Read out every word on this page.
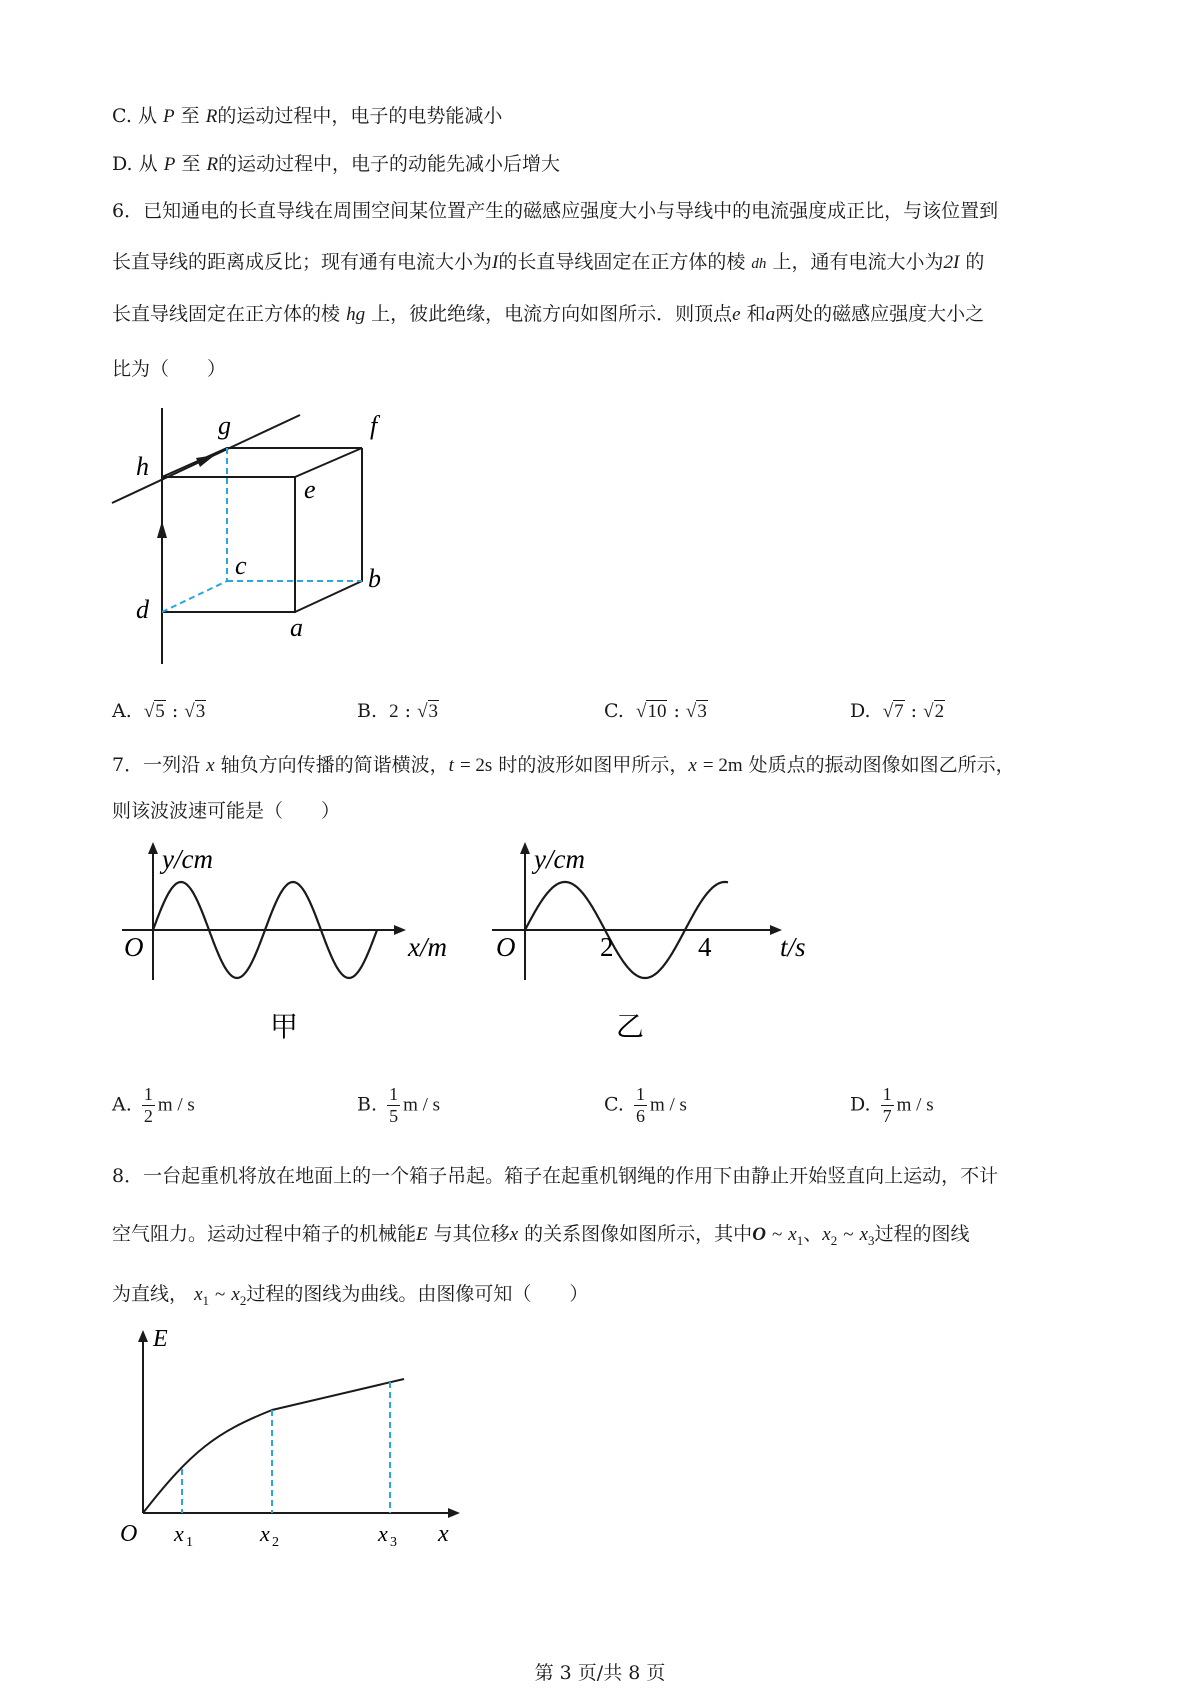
C. 从 P 至 R的运动过程中，电子的电势能减小
D. 从 P 至 R的运动过程中，电子的动能先减小后增大
6．已知通电的长直导线在周围空间某位置产生的磁感应强度大小与导线中的电流强度成正比，与该位置到
长直导线的距离成反比；现有通有电流大小为I的长直导线固定在正方体的棱 dh 上，通有电流大小为2I 的
长直导线固定在正方体的棱 hg 上，彼此绝缘，电流方向如图所示．则顶点e 和a两处的磁感应强度大小之
比为（　　）
g	f
h
e
c	b
d
a
A. √5 : √3	B. 2 : √3	C. √10 : √3	D. √7 : √2
7．一列沿 x 轴负方向传播的简谐横波，t = 2s 时的波形如图甲所示，x = 2m 处质点的振动图像如图乙所示，
则该波波速可能是（　　）
y/cm
x/m
O
甲
y/cm
t/s
O	2	4
乙
A. $\frac{1}{2}$ m / s	B. $\frac{1}{5}$ m / s	C. $\frac{1}{6}$ m / s	D. $\frac{1}{7}$ m / s
8．一台起重机将放在地面上的一个箱子吊起。箱子在起重机钢绳的作用下由静止开始竖直向上运动，不计
空气阻力。运动过程中箱子的机械能E 与其位移x 的关系图像如图所示，其中O ~ $x_1$、$x_2$ ~ $x_3$过程的图线
为直线， $x_1$ ~ $x_2$过程的图线为曲线。由图像可知（　　）
E
x
O x 1	x 2	x 3
第 3 页/共 8 页
